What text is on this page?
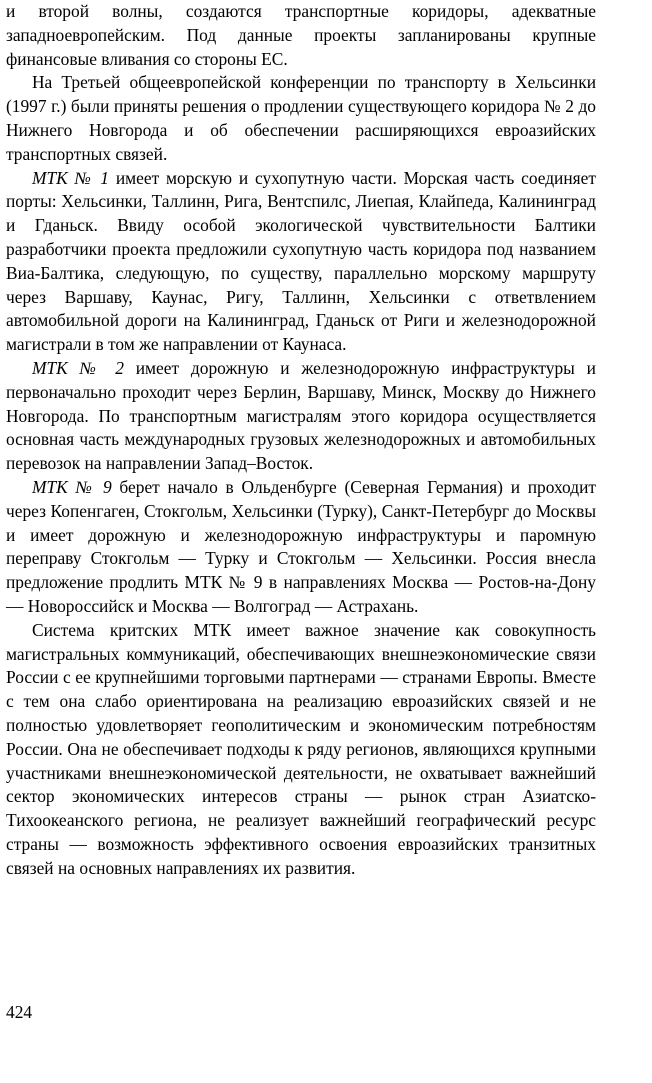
и второй волны, создаются транспортные коридоры, адекватные западноевропейским. Под данные проекты запланированы крупные финансовые вливания со стороны ЕС.

На Третьей общеевропейской конференции по транспорту в Хельсинки (1997 г.) были приняты решения о продлении существующего коридора № 2 до Нижнего Новгорода и об обеспечении расширяющихся евроазийских транспортных связей.

МТК № 1 имеет морскую и сухопутную части. Морская часть соединяет порты: Хельсинки, Таллинн, Рига, Вентспилс, Лиепая, Клайпеда, Калининград и Гданьск. Ввиду особой экологической чувствительности Балтики разработчики проекта предложили сухопутную часть коридора под названием Виа-Балтика, следующую, по существу, параллельно морскому маршруту через Варшаву, Каунас, Ригу, Таллинн, Хельсинки с ответвлением автомобильной дороги на Калининград, Гданьск от Риги и железнодорожной магистрали в том же направлении от Каунаса.

МТК № 2 имеет дорожную и железнодорожную инфраструктуры и первоначально проходит через Берлин, Варшаву, Минск, Москву до Нижнего Новгорода. По транспортным магистралям этого коридора осуществляется основная часть международных грузовых железнодорожных и автомобильных перевозок на направлении Запад–Восток.

МТК № 9 берет начало в Ольденбурге (Северная Германия) и проходит через Копенгаген, Стокгольм, Хельсинки (Турку), Санкт-Петербург до Москвы и имеет дорожную и железнодорожную инфраструктуры и паромную переправу Стокгольм — Турку и Стокгольм — Хельсинки. Россия внесла предложение продлить МТК № 9 в направлениях Москва — Ростов-на-Дону — Новороссийск и Москва — Волгоград — Астрахань.

Система критских МТК имеет важное значение как совокупность магистральных коммуникаций, обеспечивающих внешнеэкономические связи России с ее крупнейшими торговыми партнерами — странами Европы. Вместе с тем она слабо ориентирована на реализацию евроазийских связей и не полностью удовлетворяет геополитическим и экономическим потребностям России. Она не обеспечивает подходы к ряду регионов, являющихся крупными участниками внешнеэкономической деятельности, не охватывает важнейший сектор экономических интересов страны — рынок стран Азиатско-Тихоокеанского региона, не реализует важнейший географический ресурс страны — возможность эффективного освоения евроазийских транзитных связей на основных направлениях их развития.

424
